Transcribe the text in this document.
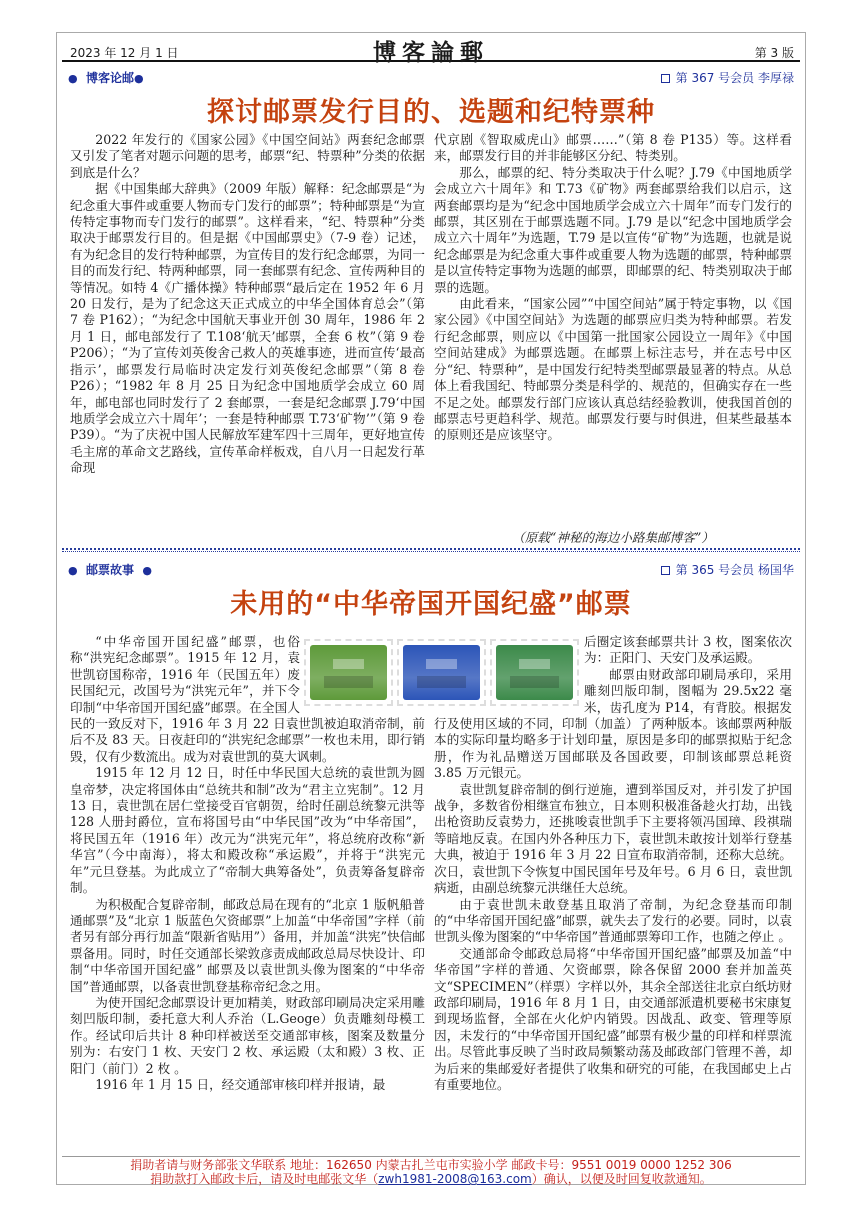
2023 年 12 月 1 日	博客論郵	第 3 版
● 博客论邮●	第 367 号会员 李厚禄
探讨邮票发行目的、选题和纪特票种

2022 年发行的《国家公园》《中国空间站》两套纪念邮票又引发了笔者对题示问题的思考，邮票“纪、特票种”分类的依据到底是什么？

据《中国集邮大辞典》（2009 年版）解释：纪念邮票是“为纪念重大事件或重要人物而专门发行的邮票”；特种邮票是“为宣传特定事物而专门发行的邮票”。这样看来，“纪、特票种”分类取决于邮票发行目的。但是据《中国邮票史》（7-9 卷）记述，有为纪念目的发行特种邮票，为宣传目的发行纪念邮票，为同一目的而发行纪、特两种邮票，同一套邮票有纪念、宣传两种目的等情况。如特 4《广播体操》特种邮票“最后定在 1952 年 6 月 20 日发行，是为了纪念这天正式成立的中华全国体育总会”（第 7 卷 P162）；“为纪念中国航天事业开创 30 周年，1986 年 2 月 1 日，邮电部发行了 T.108‘航天’邮票，全套 6 枚”（第 9 卷 P206）；“为了宣传刘英俊舍己救人的英雄事迹，进而宣传‘最高指示’，邮票发行局临时决定发行刘英俊纪念邮票”（第 8 卷 P26）；“1982 年 8 月 25 日为纪念中国地质学会成立 60 周年，邮电部也同时发行了 2 套邮票，一套是纪念邮票 J.79‘中国地质学会成立六十周年’；一套是特种邮票 T.73‘矿物’”（第 9 卷 P39）。“为了庆祝中国人民解放军建军四十三周年，更好地宣传毛主席的革命文艺路线，宣传革命样板戏，自八月一日起发行革命现

代京剧《智取威虎山》邮票……”（第 8 卷 P135）等。这样看来，邮票发行目的并非能够区分纪、特类别。

那么，邮票的纪、特分类取决于什么呢？J.79《中国地质学会成立六十周年》和 T.73《矿物》两套邮票给我们以启示，这两套邮票均是为“纪念中国地质学会成立六十周年”而专门发行的邮票，其区别在于邮票选题不同。J.79 是以“纪念中国地质学会成立六十周年”为选题，T.79 是以宣传“矿物”为选题，也就是说纪念邮票是为纪念重大事件或重要人物为选题的邮票，特种邮票是以宣传特定事物为选题的邮票，即邮票的纪、特类别取决于邮票的选题。

由此看来，“国家公园”“中国空间站”属于特定事物，以《国家公园》《中国空间站》为选题的邮票应归类为特种邮票。若发行纪念邮票，则应以《中国第一批国家公园设立一周年》《中国空间站建成》为邮票选题。在邮票上标注志号，并在志号中区分“纪、特票种”，是中国发行纪特类型邮票最显著的特点。从总体上看我国纪、特邮票分类是科学的、规范的，但确实存在一些不足之处。邮票发行部门应该认真总结经验教训，使我国首创的邮票志号更趋科学、规范。邮票发行要与时俱进，但某些最基本的原则还是应该坚守。

（原载“神秘的海边小路集邮博客”）

● 邮票故事 ●	第 365 号会员 杨国华
未用的“中华帝国开国纪盛”邮票

“中华帝国开国纪盛”邮票，也俗称“洪宪纪念邮票”。1915 年 12 月，袁世凯窃国称帝，1916 年（民国五年）废民国纪元，改国号为“洪宪元年”，并下令印制“中华帝国开国纪盛”邮票。在全国人民的一致反对下，1916 年 3 月 22 日袁世凯被迫取消帝制，前后不及 83 天。日夜赶印的“洪宪纪念邮票”一枚也未用，即行销毁，仅有少数流出。成为对袁世凯的莫大讽刺。

1915 年 12 月 12 日，时任中华民国大总统的袁世凯为圆皇帝梦，决定将国体由“总统共和制”改为“君主立宪制”。12 月 13 日，袁世凯在居仁堂接受百官朝贺，给时任副总统黎元洪等 128 人册封爵位，宣布将国号由“中华民国”改为“中华帝国”，将民国五年（1916 年）改元为“洪宪元年”，将总统府改称“新华宫”（今中南海），将太和殿改称“承运殿”，并将于“洪宪元年”元旦登基。为此成立了“帝制大典筹备处”，负责筹备复辟帝制。

为积极配合复辟帝制，邮政总局在现有的“北京 1 版帆船普通邮票”及“北京 1 版蓝色欠资邮票”上加盖“中华帝国”字样（前者另有部分再行加盖“限新省贴用”）备用，并加盖“洪宪”快信邮票备用。同时，时任交通部长梁敦彦责成邮政总局尽快设计、印制“中华帝国开国纪盛” 邮票及以袁世凯头像为图案的“中华帝国”普通邮票，以备袁世凯登基称帝纪念之用。

为使开国纪念邮票设计更加精美，财政部印刷局决定采用雕刻凹版印制，委托意大利人乔治（L.Geoge）负责雕刻母模工作。经试印后共计 8 种印样被送至交通部审核，图案及数量分别为：右安门 1 枚、天安门 2 枚、承运殿（太和殿）3 枚、正阳门（前门）2 枚 。

1916 年 1 月 15 日，经交通部审核印样并报请，最

后圈定该套邮票共计 3 枚，图案依次为：正阳门、天安门及承运殿。

邮票由财政部印刷局承印，采用雕刻凹版印制，图幅为 29.5x22 毫米，齿孔度为 P14，有背胶。根据发行及使用区域的不同，印制（加盖）了两种版本。该邮票两种版本的实际印量均略多于计划印量，原因是多印的邮票拟贴于纪念册，作为礼品赠送万国邮联及各国政要，印制该邮票总耗资 3.85 万元银元。

袁世凯复辟帝制的倒行逆施，遭到举国反对，并引发了护国战争，多数省份相继宣布独立，日本则积极准备趁火打劫，出钱出枪资助反袁势力，还挑唆袁世凯手下主要将领冯国璋、段祺瑞等暗地反袁。在国内外各种压力下，袁世凯未敢按计划举行登基大典，被迫于 1916 年 3 月 22 日宣布取消帝制，还称大总统。次日，袁世凯下令恢复中国民国年号及年号。6 月 6 日，袁世凯病逝，由副总统黎元洪继任大总统。

由于袁世凯未敢登基且取消了帝制，为纪念登基而印制的“中华帝国开国纪盛”邮票，就失去了发行的必要。同时，以袁世凯头像为图案的“中华帝国”普通邮票筹印工作，也随之停止 。

交通部命令邮政总局将“中华帝国开国纪盛”邮票及加盖“中华帝国”字样的普通、欠资邮票，除各保留 2000 套并加盖英文“SPECIMEN”（样票）字样以外，其余全部送往北京白纸坊财政部印刷局，1916 年 8 月 1 日，由交通部派遣机要秘书宋康复到现场监督，全部在火化炉内销毁。因战乱、政变、管理等原因，未发行的“中华帝国开国纪盛”邮票有极少量的印样和样票流出。尽管此事反映了当时政局频繁动荡及邮政部门管理不善，却为后来的集邮爱好者提供了收集和研究的可能，在我国邮史上占有重要地位。

捐助者请与财务部张文华联系 地址：162650 内蒙古扎兰屯市实验小学 邮政卡号：9551 0019 0000 1252 306
捐助款打入邮政卡后，请及时电邮张文华（zwh1981-2008@163.com）确认，以便及时回复收款通知。
